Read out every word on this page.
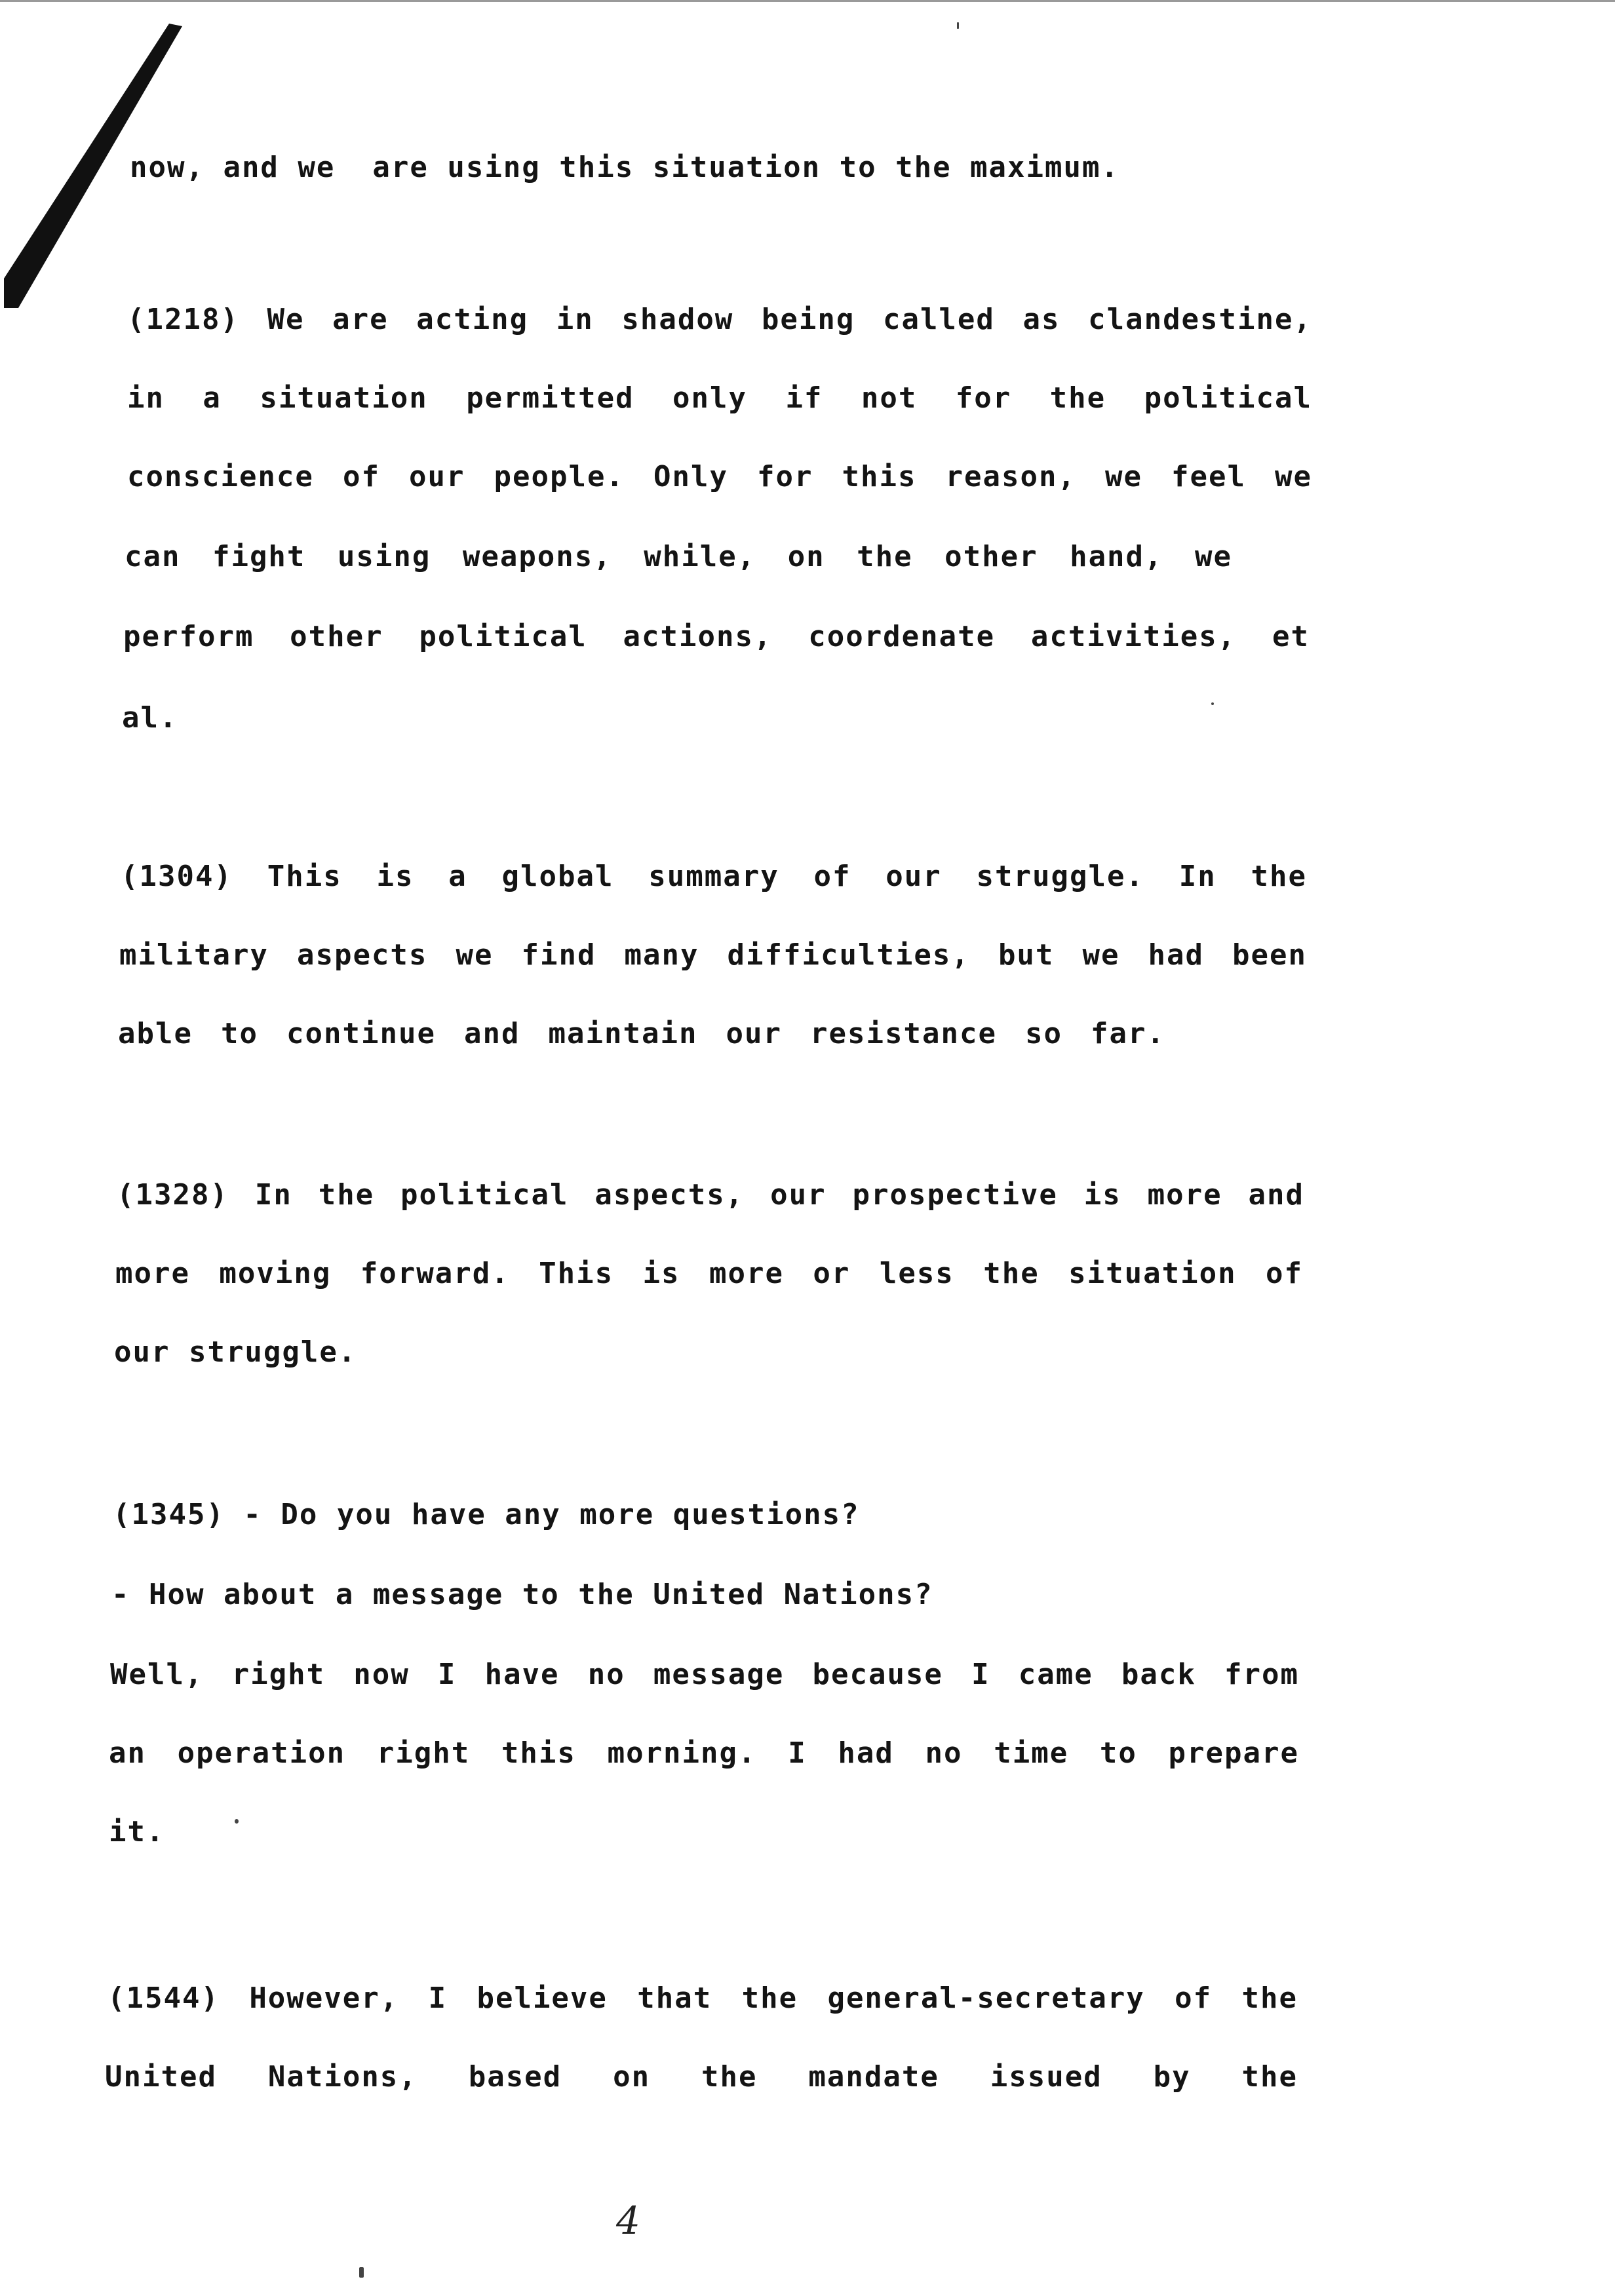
now, and we  are using this situation to the maximum.

(1218) We are acting in shadow being called as clandestine,

in a situation permitted only if not for the political

conscience of our people. Only for this reason, we feel we

can fight using weapons, while, on the other hand, we

perform other political actions, coordenate activities, et

al.

(1304) This is a global summary of our struggle. In the

military aspects we find many difficulties, but we had been

able to continue and maintain our resistance so far.

(1328) In the political aspects, our prospective is more and

more moving forward. This is more or less the situation of

our struggle.

(1345) - Do you have any more questions?

- How about a message to the United Nations?

Well, right now I have no message because I came back from

an operation right this morning. I had no time to prepare

it.

(1544) However, I believe that the general-secretary of the

United Nations, based on the mandate issued by the

4
